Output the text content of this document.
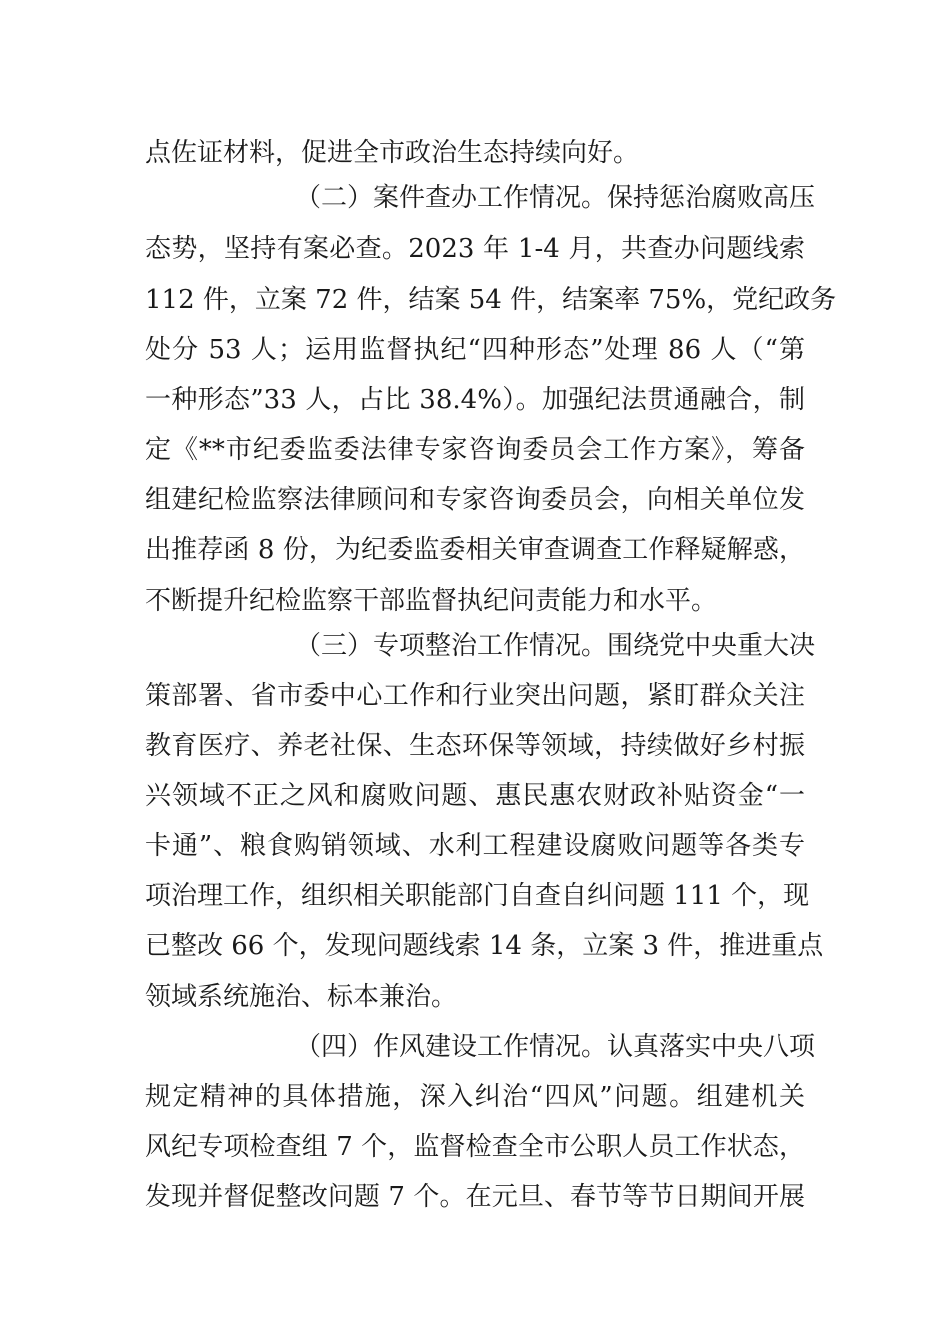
点佐证材料，促进全市政治生态持续向好。
（二）案件查办工作情况。保持惩治腐败高压
态势，坚持有案必查。2023 年 1-4 月，共查办问题线索
112 件，立案 72 件，结案 54 件，结案率 75%，党纪政务
处分 53 人；运用监督执纪“四种形态”处理 86 人（“第
一种形态”33 人，占比 38.4%）。加强纪法贯通融合，制
定《**市纪委监委法律专家咨询委员会工作方案》，筹备
组建纪检监察法律顾问和专家咨询委员会，向相关单位发
出推荐函 8 份，为纪委监委相关审查调查工作释疑解惑，
不断提升纪检监察干部监督执纪问责能力和水平。
（三）专项整治工作情况。围绕党中央重大决
策部署、省市委中心工作和行业突出问题，紧盯群众关注
教育医疗、养老社保、生态环保等领域，持续做好乡村振
兴领域不正之风和腐败问题、惠民惠农财政补贴资金“一
卡通”、粮食购销领域、水利工程建设腐败问题等各类专
项治理工作，组织相关职能部门自查自纠问题 111 个，现
已整改 66 个，发现问题线索 14 条，立案 3 件，推进重点
领域系统施治、标本兼治。
（四）作风建设工作情况。认真落实中央八项
规定精神的具体措施，深入纠治“四风”问题。组建机关
风纪专项检查组 7 个，监督检查全市公职人员工作状态，
发现并督促整改问题 7 个。在元旦、春节等节日期间开展
